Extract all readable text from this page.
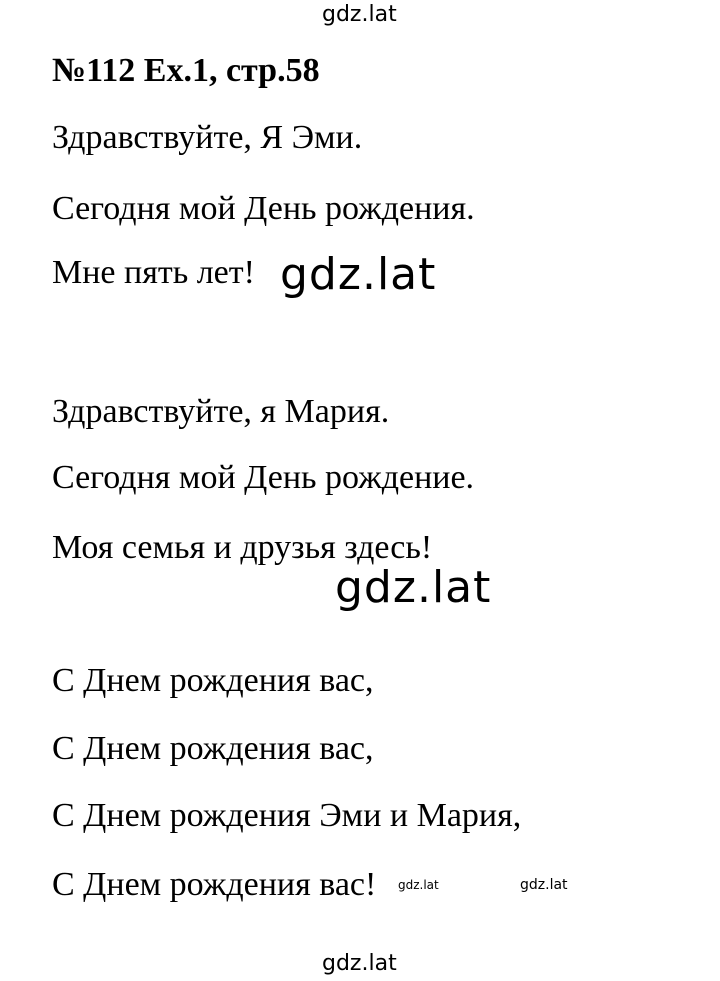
gdz.lat
№112 Ex.1, стр.58
Здравствуйте, Я Эми.
Сегодня мой День рождения.
Мне пять лет! gdz.lat
Здравствуйте, я Мария.
Сегодня мой День рождение.
Моя семья и друзья здесь!
gdz.lat
С Днем рождения вас,
С Днем рождения вас,
С Днем рождения Эми и Мария,
С Днем рождения вас! gdz.lat	gdz.lat
gdz.lat
